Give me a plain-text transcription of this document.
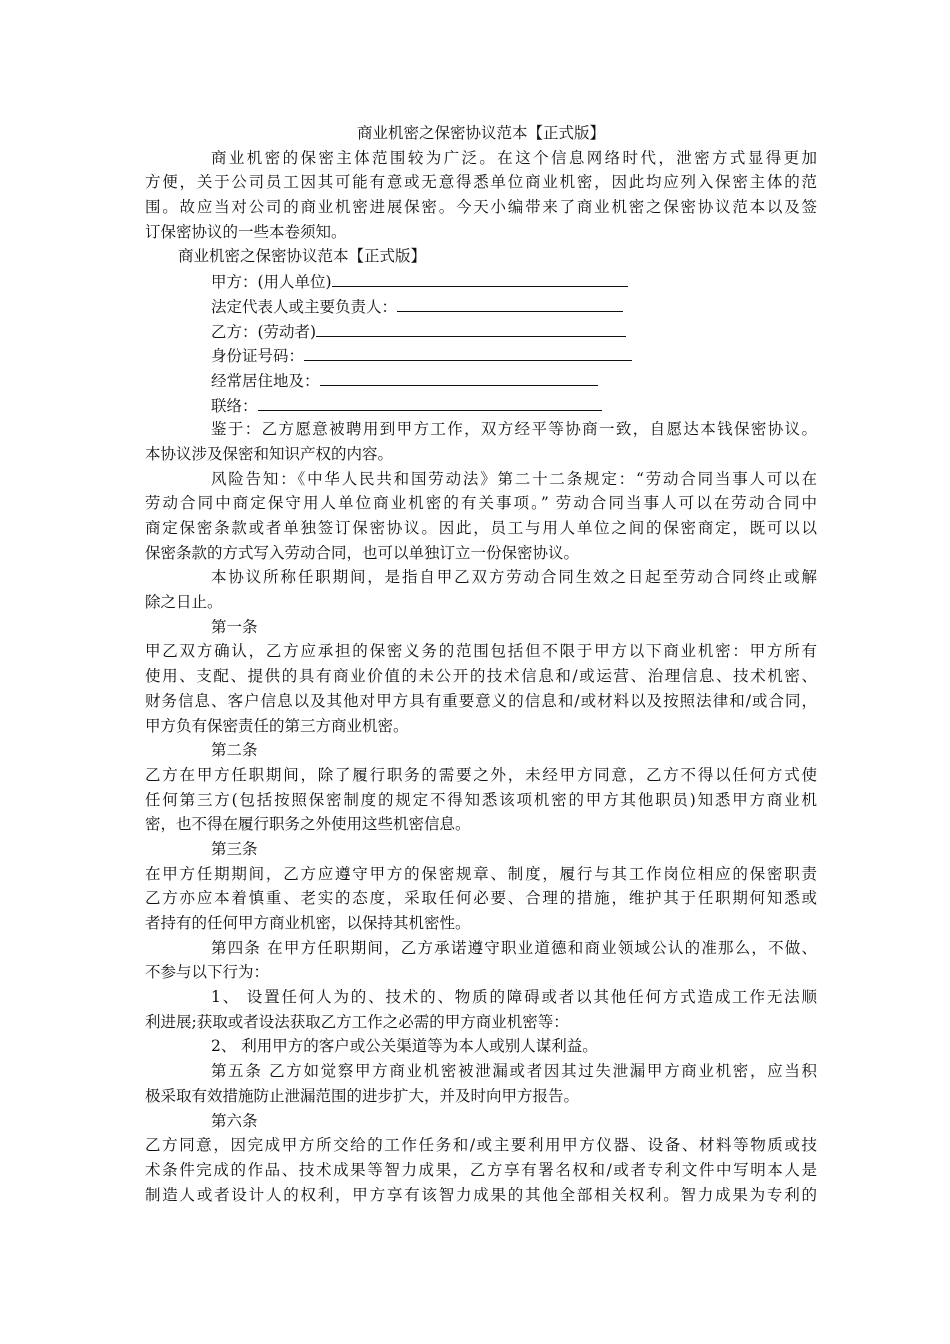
商业机密之保密协议范本【正式版】
商业机密的保密主体范围较为广泛。在这个信息网络时代，泄密方式显得更加
方便，关于公司员工因其可能有意或无意得悉单位商业机密，因此均应列入保密主体的范
围。故应当对公司的商业机密进展保密。今天小编带来了商业机密之保密协议范本以及签
订保密协议的一些本卷须知。
商业机密之保密协议范本【正式版】
甲方：(用人单位)
法定代表人或主要负责人：
乙方：(劳动者)
身份证号码：
经常居住地及：
联络：
鉴于：乙方愿意被聘用到甲方工作，双方经平等协商一致，自愿达本钱保密协议。
本协议涉及保密和知识产权的内容。
风险告知：《中华人民共和国劳动法》第二十二条规定：“劳动合同当事人可以在
劳动合同中商定保守用人单位商业机密的有关事项。” 劳动合同当事人可以在劳动合同中
商定保密条款或者单独签订保密协议。因此，员工与用人单位之间的保密商定，既可以以
保密条款的方式写入劳动合同，也可以单独订立一份保密协议。
本协议所称任职期间，是指自甲乙双方劳动合同生效之日起至劳动合同终止或解
除之日止。
第一条
甲乙双方确认，乙方应承担的保密义务的范围包括但不限于甲方以下商业机密：甲方所有
使用、支配、提供的具有商业价值的未公开的技术信息和/或运营、治理信息、技术机密、
财务信息、客户信息以及其他对甲方具有重要意义的信息和/或材料以及按照法律和/或合同，
甲方负有保密责任的第三方商业机密。
第二条
乙方在甲方任职期间，除了履行职务的需要之外，未经甲方同意，乙方不得以任何方式使
任何第三方(包括按照保密制度的规定不得知悉该项机密的甲方其他职员)知悉甲方商业机
密，也不得在履行职务之外使用这些机密信息。
第三条
在甲方任期期间，乙方应遵守甲方的保密规章、制度，履行与其工作岗位相应的保密职责
乙方亦应本着慎重、老实的态度，采取任何必要、合理的措施，维护其于任职期何知悉或
者持有的任何甲方商业机密，以保持其机密性。
第四条 在甲方任职期间，乙方承诺遵守职业道德和商业领域公认的准那么，不做、
不参与以下行为：
1、 设置任何人为的、技术的、物质的障碍或者以其他任何方式造成工作无法顺
利进展;获取或者设法获取乙方工作之必需的甲方商业机密等：
2、 利用甲方的客户或公关渠道等为本人或别人谋利益。
第五条 乙方如觉察甲方商业机密被泄漏或者因其过失泄漏甲方商业机密，应当积
极采取有效措施防止泄漏范围的进步扩大，并及时向甲方报告。
第六条
乙方同意，因完成甲方所交给的工作任务和/或主要利用甲方仪器、设备、材料等物质或技
术条件完成的作品、技术成果等智力成果，乙方享有署名权和/或者专利文件中写明本人是
制造人或者设计人的权利，甲方享有该智力成果的其他全部相关权利。智力成果为专利的
